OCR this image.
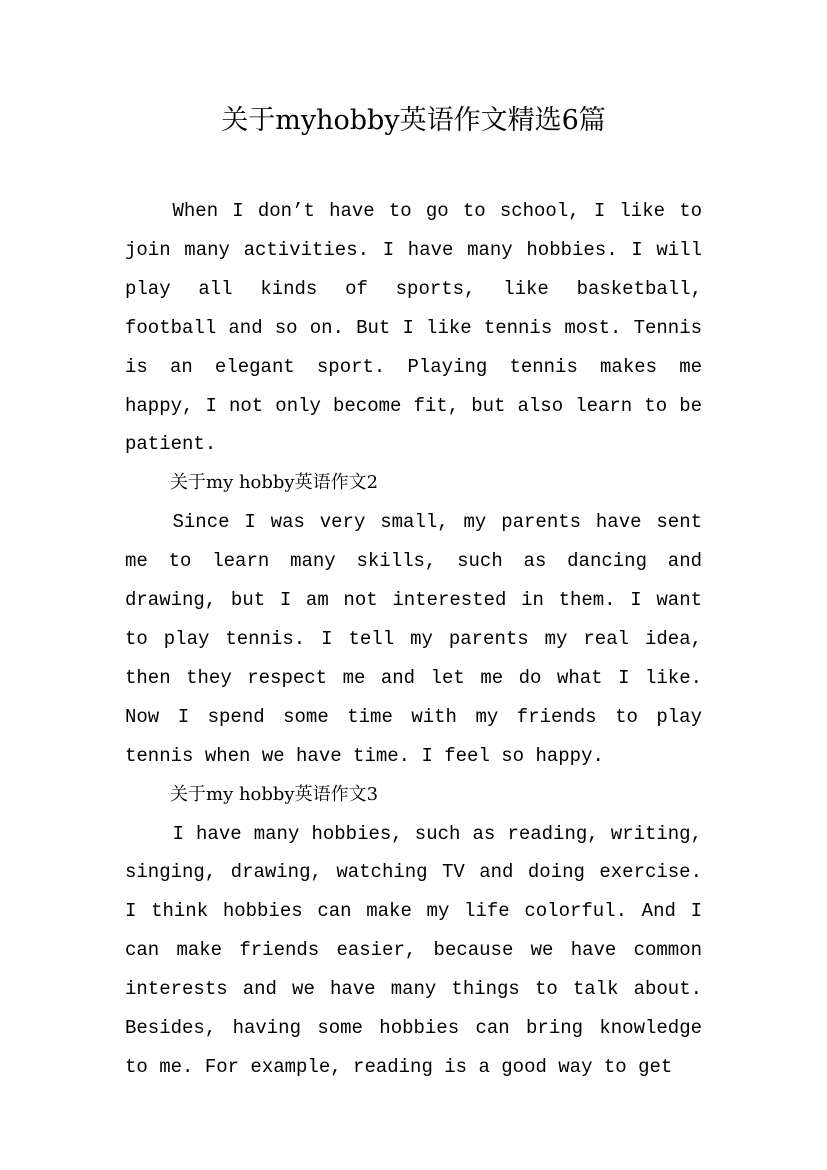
关于myhobby英语作文精选6篇

When I don’t have to go to school, I like to join many activities. I have many hobbies. I will play all kinds of sports, like basketball, football and so on. But I like tennis most. Tennis is an elegant sport. Playing tennis makes me happy, I not only become fit, but also learn to be patient.

关于my hobby英语作文2

Since I was very small, my parents have sent me to learn many skills, such as dancing and drawing, but I am not interested in them. I want to play tennis. I tell my parents my real idea, then they respect me and let me do what I like. Now I spend some time with my friends to play tennis when we have time. I feel so happy.

关于my hobby英语作文3

I have many hobbies, such as reading, writing, singing, drawing, watching TV and doing exercise. I think hobbies can make my life colorful. And I can make friends easier, because we have common interests and we have many things to talk about. Besides, having some hobbies can bring knowledge to me. For example, reading is a good way to get
